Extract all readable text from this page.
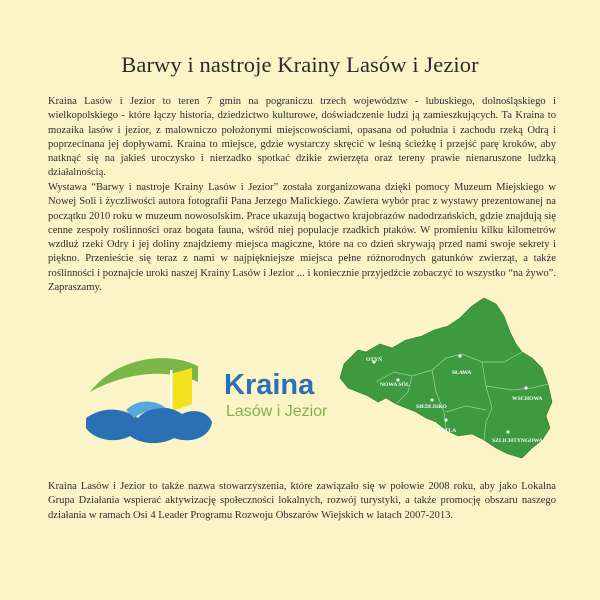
Barwy i nastroje Krainy Lasów i Jezior

Kraina Lasów i Jezior to teren 7 gmin na pograniczu trzech województw - lubuskiego, dolnośląskiego i wielkopolskiego - które łączy historia, dziedzictwo kulturowe, doświadczenie ludzi ją zamieszkujących. Ta Kraina to mozaika lasów i jezior, z malowniczo położonymi miejscowościami, opasana od południa i zachodu rzeką Odrą i poprzecinana jej dopływami. Kraina to miejsce, gdzie wystarczy skręcić w leśną ścieżkę i przejść parę kroków, aby natknąć się na jakieś uroczysko i nierzadko spotkać dzikie zwierzęta oraz tereny prawie nienaruszone ludzką działalnością.

Wystawa “Barwy i nastroje Krainy Lasów i Jezior” została zorganizowana dzięki pomocy Muzeum Miejskiego w Nowej Soli i życzliwości autora fotografii Pana Jerzego Malickiego. Zawiera wybór prac z wystawy prezentowanej na początku 2010 roku w muzeum nowosolskim. Prace ukazują bogactwo krajobrazów nadodrzańskich, gdzie znajdują się cenne zespoły roślinności oraz bogata fauna, wśród niej populacje rzadkich ptaków. W promieniu kilku kilometrów wzdłuż rzeki Odry i jej doliny znajdziemy miejsca magiczne, które na co dzień skrywają przed nami swoje sekrety i piękno. Przenieście się teraz z nami w najpiękniejsze miejsca pełne różnorodnych gatunków zwierząt, a także roślinności i poznajcie uroki naszej Krainy Lasów i Jezior ... i koniecznie przyjedźcie zobaczyć to wszystko “na żywo”. Zapraszamy.

Kraina
Lasów i Jezior
OTYŃ
NOWA SÓL
SŁAWA
SIEDLISKO
WSCHOWA
KOTLA
SZLICHTYNGOWA

Kraina Lasów i Jezior to także nazwa stowarzyszenia, które zawiązało się w połowie 2008 roku, aby jako Lokalna Grupa Działania wspierać aktywizację społeczności lokalnych, rozwój turystyki, a także promocję obszaru naszego działania w ramach Osi 4 Leader Programu Rozwoju Obszarów Wiejskich w latach 2007-2013.
